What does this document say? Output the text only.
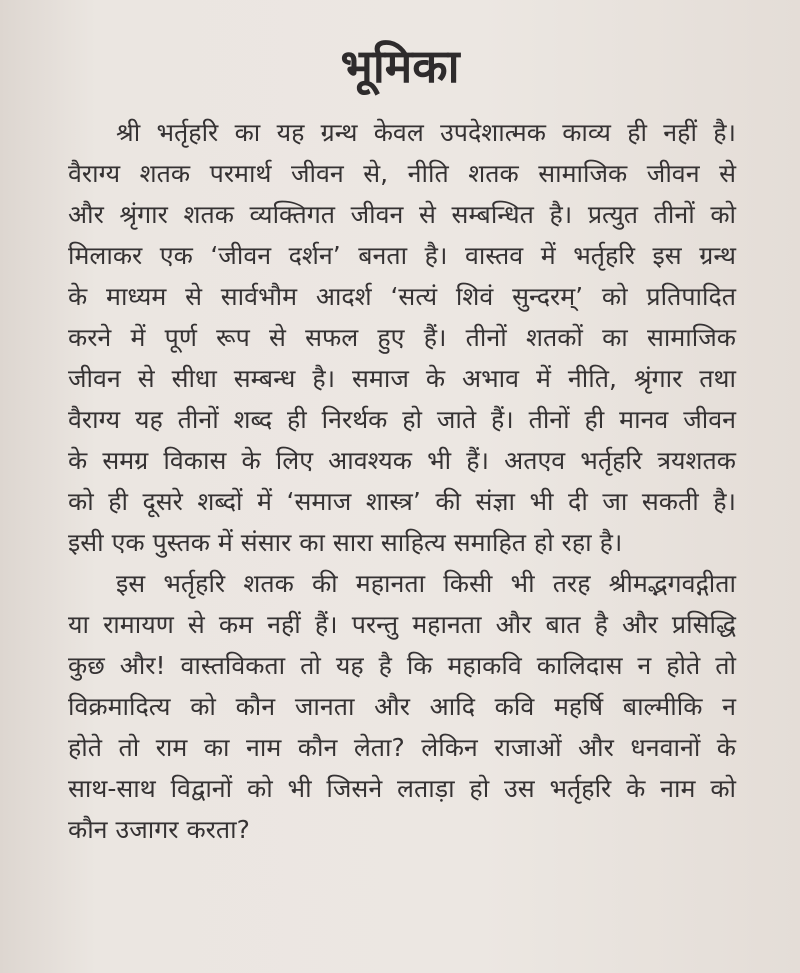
भूमिका
श्री भर्तृहरि का यह ग्रन्थ केवल उपदेशात्मक काव्य ही नहीं है।
वैराग्य शतक परमार्थ जीवन से, नीति शतक सामाजिक जीवन से
और श्रृंगार शतक व्यक्तिगत जीवन से सम्बन्धित है। प्रत्युत तीनों को
मिलाकर एक ‘जीवन दर्शन’ बनता है। वास्तव में भर्तृहरि इस ग्रन्थ
के माध्यम से सार्वभौम आदर्श ‘सत्यं शिवं सुन्दरम्’ को प्रतिपादित
करने में पूर्ण रूप से सफल हुए हैं। तीनों शतकों का सामाजिक
जीवन से सीधा सम्बन्ध है। समाज के अभाव में नीति, श्रृंगार तथा
वैराग्य यह तीनों शब्द ही निरर्थक हो जाते हैं। तीनों ही मानव जीवन
के समग्र विकास के लिए आवश्यक भी हैं। अतएव भर्तृहरि त्रयशतक
को ही दूसरे शब्दों में ‘समाज शास्त्र’ की संज्ञा भी दी जा सकती है।
इसी एक पुस्तक में संसार का सारा साहित्य समाहित हो रहा है।
इस भर्तृहरि शतक की महानता किसी भी तरह श्रीमद्भगवद्गीता
या रामायण से कम नहीं हैं। परन्तु महानता और बात है और प्रसिद्धि
कुछ और! वास्तविकता तो यह है कि महाकवि कालिदास न होते तो
विक्रमादित्य को कौन जानता और आदि कवि महर्षि बाल्मीकि न
होते तो राम का नाम कौन लेता? लेकिन राजाओं और धनवानों के
साथ-साथ विद्वानों को भी जिसने लताड़ा हो उस भर्तृहरि के नाम को
कौन उजागर करता?
